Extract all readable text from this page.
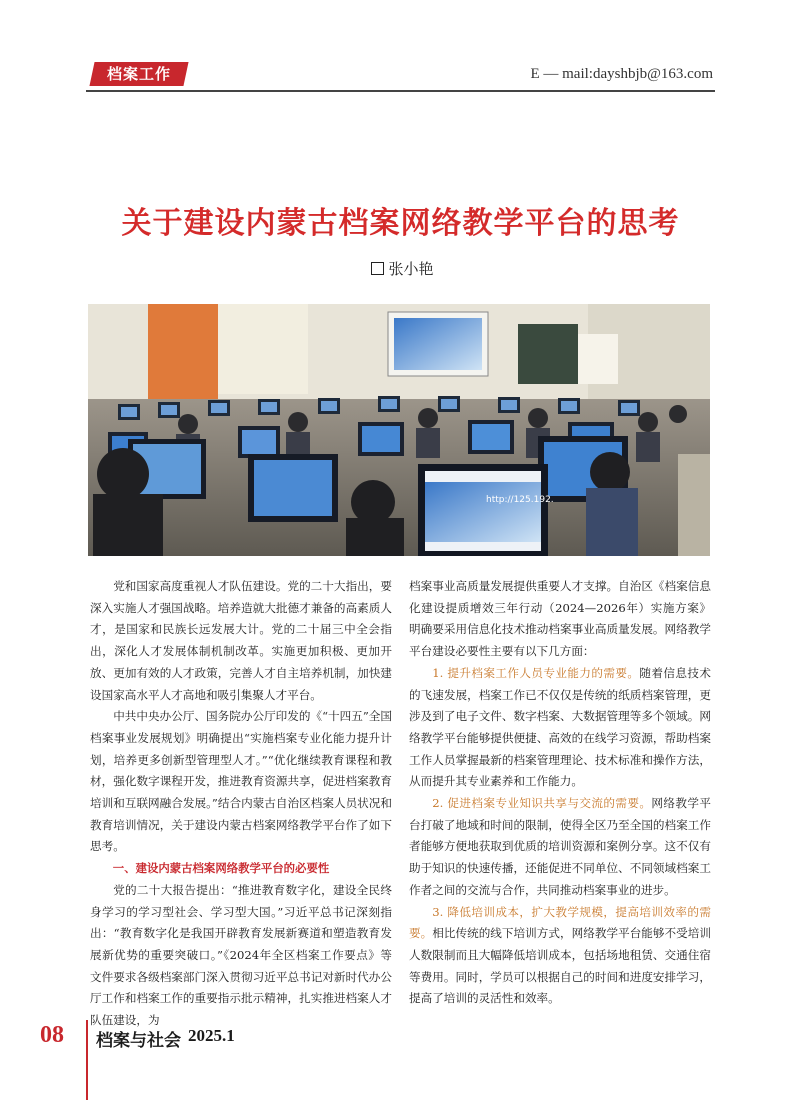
档案工作	E — mail:dayshbjb@163.com
关于建设内蒙古档案网络教学平台的思考
张小艳
http://125.192.

党和国家高度重视人才队伍建设。党的二十大指出，要深入实施人才强国战略。培养造就大批德才兼备的高素质人才，是国家和民族长远发展大计。党的二十届三中全会指出，深化人才发展体制机制改革。实施更加积极、更加开放、更加有效的人才政策，完善人才自主培养机制，加快建设国家高水平人才高地和吸引集聚人才平台。

中共中央办公厅、国务院办公厅印发的《“十四五”全国档案事业发展规划》明确提出“实施档案专业化能力提升计划，培养更多创新型管理型人才。”“优化继续教育课程和教材，强化数字课程开发，推进教育资源共享，促进档案教育培训和互联网融合发展。”结合内蒙古自治区档案人员状况和教育培训情况，关于建设内蒙古档案网络教学平台作了如下思考。

一、建设内蒙古档案网络教学平台的必要性

党的二十大报告提出：“推进教育数字化，建设全民终身学习的学习型社会、学习型大国。”习近平总书记深刻指出：“教育数字化是我国开辟教育发展新赛道和塑造教育发展新优势的重要突破口。”《2024年全区档案工作要点》等文件要求各级档案部门深入贯彻习近平总书记对新时代办公厅工作和档案工作的重要指示批示精神，扎实推进档案人才队伍建设，为

档案事业高质量发展提供重要人才支撑。自治区《档案信息化建设提质增效三年行动（2024—2026年）实施方案》明确要采用信息化技术推动档案事业高质量发展。网络教学平台建设必要性主要有以下几方面：

1. 提升档案工作人员专业能力的需要。随着信息技术的飞速发展，档案工作已不仅仅是传统的纸质档案管理，更涉及到了电子文件、数字档案、大数据管理等多个领域。网络教学平台能够提供便捷、高效的在线学习资源，帮助档案工作人员掌握最新的档案管理理论、技术标准和操作方法，从而提升其专业素养和工作能力。

2. 促进档案专业知识共享与交流的需要。网络教学平台打破了地域和时间的限制，使得全区乃至全国的档案工作者能够方便地获取到优质的培训资源和案例分享。这不仅有助于知识的快速传播，还能促进不同单位、不同领域档案工作者之间的交流与合作，共同推动档案事业的进步。

3. 降低培训成本，扩大教学规模，提高培训效率的需要。相比传统的线下培训方式，网络教学平台能够不受培训人数限制而且大幅降低培训成本，包括场地租赁、交通住宿等费用。同时，学员可以根据自己的时间和进度安排学习，提高了培训的灵活性和效率。

08 档案与社会 2025.1
